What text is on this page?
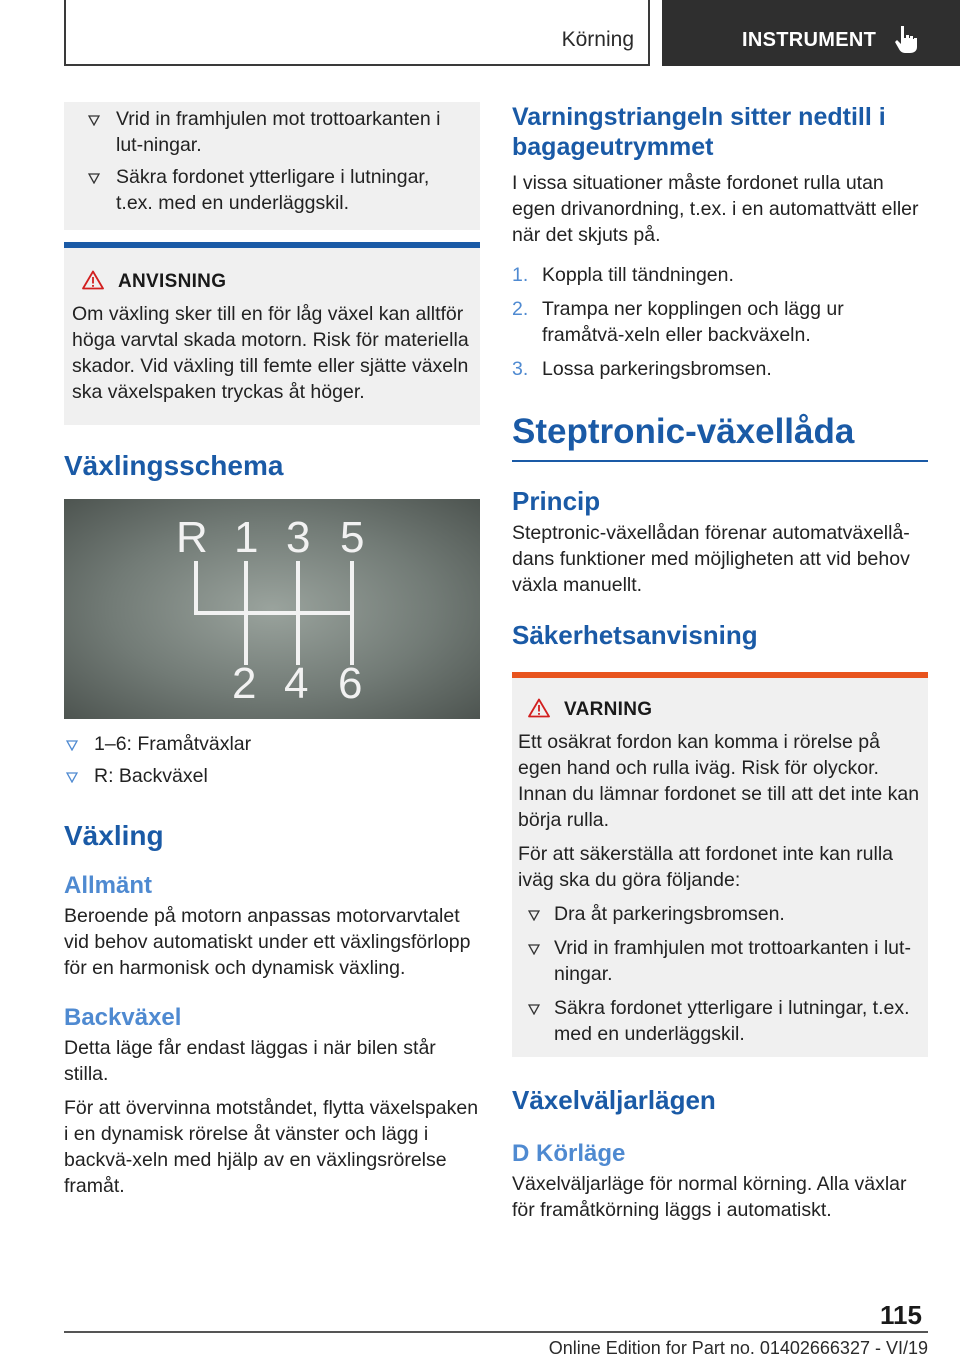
Körning	INSTRUMENT
Vrid in framhjulen mot trottoarkanten i lut‐ningar.
Säkra fordonet ytterligare i lutningar, t.ex. med en underläggskil.
ANVISNING
Om växling sker till en för låg växel kan alltför höga varvtal skada motorn. Risk för materiella skador. Vid växling till femte eller sjätte växeln ska växelspaken tryckas åt höger.
Växlingsschema
R 1 3 5
2 4 6
1–6: Framåtväxlar
R: Backväxel
Växling
Allmänt
Beroende på motorn anpassas motorvarvtalet vid behov automatiskt under ett växlingsförlopp för en harmonisk och dynamisk växling.
Backväxel
Detta läge får endast läggas i när bilen står stilla.
För att övervinna motståndet, flytta växelspaken i en dynamisk rörelse åt vänster och lägg i backvä‐xeln med hjälp av en växlingsrörelse framåt.
Varningstriangeln sitter nedtill i bagageutrymmet
I vissa situationer måste fordonet rulla utan egen drivanordning, t.ex. i en automattvätt eller när det skjuts på.
1. Koppla till tändningen.
2. Trampa ner kopplingen och lägg ur framåtvä‐xeln eller backväxeln.
3. Lossa parkeringsbromsen.
Steptronic-växellåda
Princip
Steptronic-växellådan förenar automatväxellå‐dans funktioner med möjligheten att vid behov växla manuellt.
Säkerhetsanvisning
VARNING
Ett osäkrat fordon kan komma i rörelse på egen hand och rulla iväg. Risk för olyckor. Innan du lämnar fordonet se till att det inte kan börja rulla.
För att säkerställa att fordonet inte kan rulla iväg ska du göra följande:
Dra åt parkeringsbromsen.
Vrid in framhjulen mot trottoarkanten i lut‐ningar.
Säkra fordonet ytterligare i lutningar, t.ex. med en underläggskil.
Växelväljarlägen
D Körläge
Växelväljarläge för normal körning. Alla växlar för framåtkörning läggs i automatiskt.
115
Online Edition for Part no. 01402666327 - VI/19
